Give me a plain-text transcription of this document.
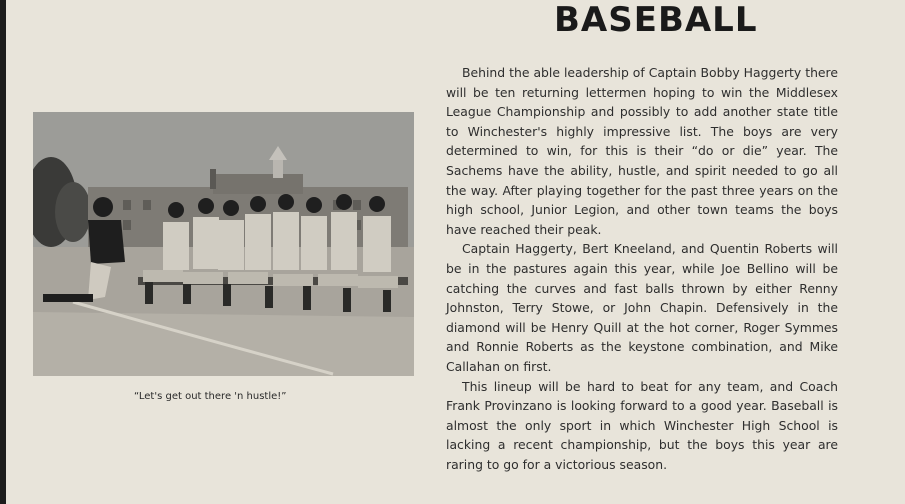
BASEBALL
“Let's get out there 'n hustle!”

Behind the able leadership of Captain Bobby Haggerty there will be ten returning lettermen hoping to win the Middlesex League Championship and possibly to add another state title to Winchester's highly impressive list. The boys are very determined to win, for this is their “do or die” year. The Sachems have the ability, hustle, and spirit needed to go all the way. After playing together for the past three years on the high school, Junior Legion, and other town teams the boys have reached their peak.

Captain Haggerty, Bert Kneeland, and Quentin Roberts will be in the pastures again this year, while Joe Bellino will be catching the curves and fast balls thrown by either Renny Johnston, Terry Stowe, or John Chapin. Defensively in the diamond will be Henry Quill at the hot corner, Roger Symmes and Ronnie Roberts as the keystone combination, and Mike Callahan on first.

This lineup will be hard to beat for any team, and Coach Frank Provinzano is looking forward to a good year. Baseball is almost the only sport in which Winchester High School is lacking a recent championship, but the boys this year are raring to go for a victorious season.
